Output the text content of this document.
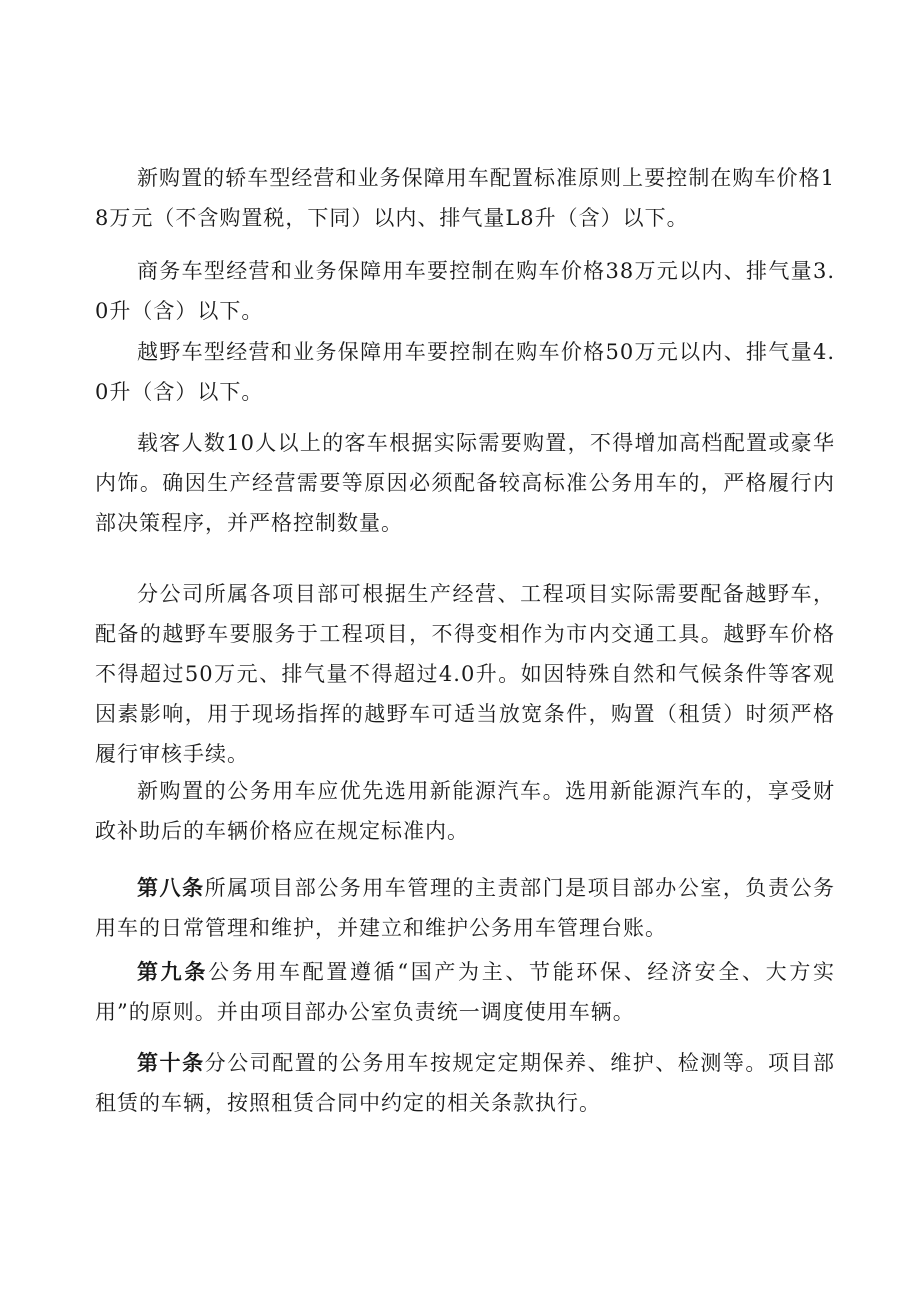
新购置的轿车型经营和业务保障用车配置标准原则上要控制在购车价格18万元（不含购置税，下同）以内、排气量L8升（含）以下。

商务车型经营和业务保障用车要控制在购车价格38万元以内、排气量3.0升（含）以下。

越野车型经营和业务保障用车要控制在购车价格50万元以内、排气量4.0升（含）以下。

载客人数10人以上的客车根据实际需要购置，不得增加高档配置或豪华内饰。确因生产经营需要等原因必须配备较高标准公务用车的，严格履行内部决策程序，并严格控制数量。

分公司所属各项目部可根据生产经营、工程项目实际需要配备越野车，配备的越野车要服务于工程项目，不得变相作为市内交通工具。越野车价格不得超过50万元、排气量不得超过4.0升。如因特殊自然和气候条件等客观因素影响，用于现场指挥的越野车可适当放宽条件，购置（租赁）时须严格履行审核手续。

新购置的公务用车应优先选用新能源汽车。选用新能源汽车的，享受财政补助后的车辆价格应在规定标准内。

第八条所属项目部公务用车管理的主责部门是项目部办公室，负责公务用车的日常管理和维护，并建立和维护公务用车管理台账。

第九条公务用车配置遵循“国产为主、节能环保、经济安全、大方实用”的原则。并由项目部办公室负责统一调度使用车辆。

第十条分公司配置的公务用车按规定定期保养、维护、检测等。项目部租赁的车辆，按照租赁合同中约定的相关条款执行。
